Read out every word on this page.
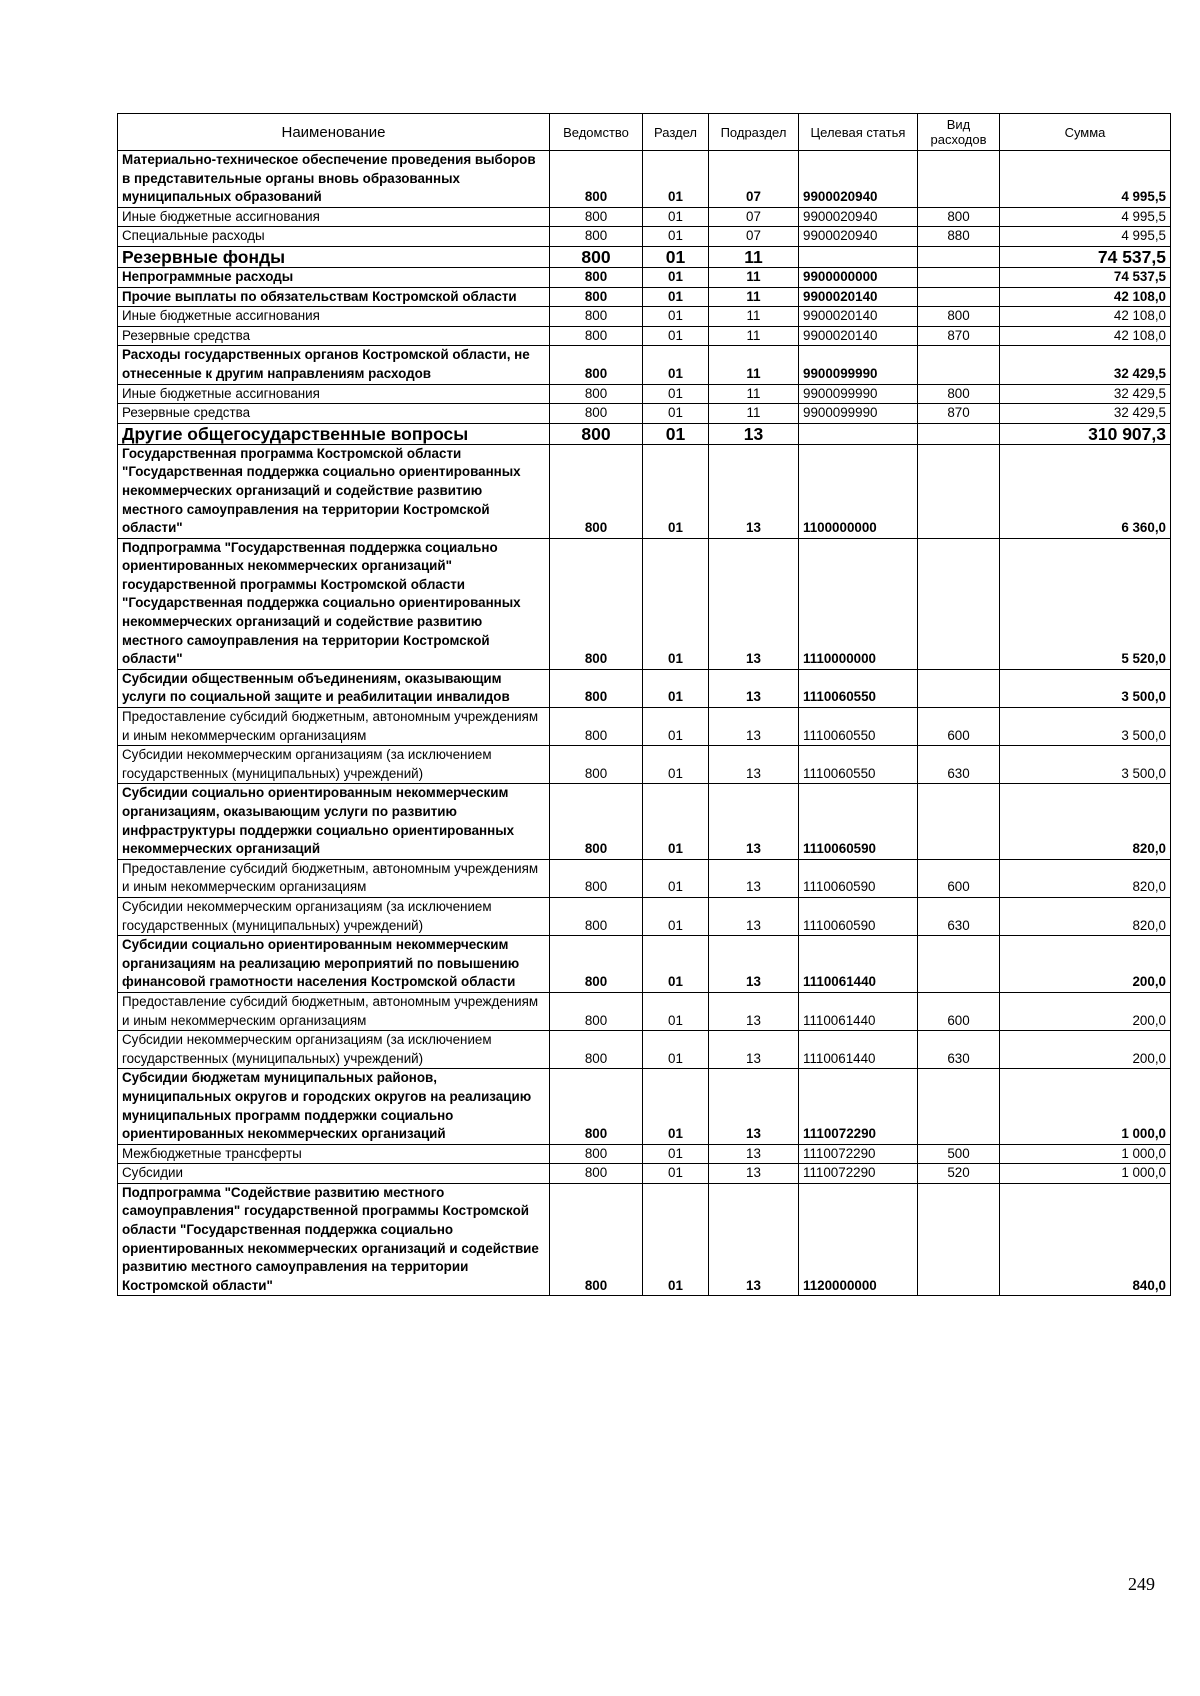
Наименование	Ведомство	Раздел	Подраздел	Целевая статья	Вид расходов	Сумма
Материально-техническое обеспечение проведения выборов в представительные органы вновь образованных муниципальных образований	800	01	07	9900020940		4 995,5
Иные бюджетные ассигнования	800	01	07	9900020940	800	4 995,5
Специальные расходы	800	01	07	9900020940	880	4 995,5
Резервные фонды	800	01	11			74 537,5
Непрограммные расходы	800	01	11	9900000000		74 537,5
Прочие выплаты по обязательствам Костромской области	800	01	11	9900020140		42 108,0
Иные бюджетные ассигнования	800	01	11	9900020140	800	42 108,0
Резервные средства	800	01	11	9900020140	870	42 108,0
Расходы государственных органов Костромской области, не отнесенные к другим направлениям расходов	800	01	11	9900099990		32 429,5
Иные бюджетные ассигнования	800	01	11	9900099990	800	32 429,5
Резервные средства	800	01	11	9900099990	870	32 429,5
Другие общегосударственные вопросы	800	01	13			310 907,3
Государственная программа Костромской области "Государственная поддержка социально ориентированных некоммерческих организаций и содействие развитию местного самоуправления на территории Костромской области"	800	01	13	1100000000		6 360,0
Подпрограмма "Государственная поддержка социально ориентированных некоммерческих организаций" государственной программы Костромской области "Государственная поддержка социально ориентированных некоммерческих организаций и содействие развитию местного самоуправления на территории Костромской области"	800	01	13	1110000000		5 520,0
Субсидии общественным объединениям, оказывающим услуги по социальной защите и реабилитации инвалидов	800	01	13	1110060550		3 500,0
Предоставление субсидий бюджетным, автономным учреждениям и иным некоммерческим организациям	800	01	13	1110060550	600	3 500,0
Субсидии некоммерческим организациям (за исключением государственных (муниципальных) учреждений)	800	01	13	1110060550	630	3 500,0
Субсидии социально ориентированным некоммерческим организациям, оказывающим услуги по развитию инфраструктуры поддержки социально ориентированных некоммерческих организаций	800	01	13	1110060590		820,0
Предоставление субсидий бюджетным, автономным учреждениям и иным некоммерческим организациям	800	01	13	1110060590	600	820,0
Субсидии некоммерческим организациям (за исключением государственных (муниципальных) учреждений)	800	01	13	1110060590	630	820,0
Субсидии социально ориентированным некоммерческим организациям на реализацию мероприятий по повышению финансовой грамотности населения Костромской области	800	01	13	1110061440		200,0
Предоставление субсидий бюджетным, автономным учреждениям и иным некоммерческим организациям	800	01	13	1110061440	600	200,0
Субсидии некоммерческим организациям (за исключением государственных (муниципальных) учреждений)	800	01	13	1110061440	630	200,0
Субсидии бюджетам муниципальных районов, муниципальных округов и городских округов на реализацию муниципальных программ поддержки социально ориентированных некоммерческих организаций	800	01	13	1110072290		1 000,0
Межбюджетные трансферты	800	01	13	1110072290	500	1 000,0
Субсидии	800	01	13	1110072290	520	1 000,0
Подпрограмма "Содействие развитию местного самоуправления" государственной программы Костромской области "Государственная поддержка социально ориентированных некоммерческих организаций и содействие развитию местного самоуправления на территории Костромской области"	800	01	13	1120000000		840,0
249
